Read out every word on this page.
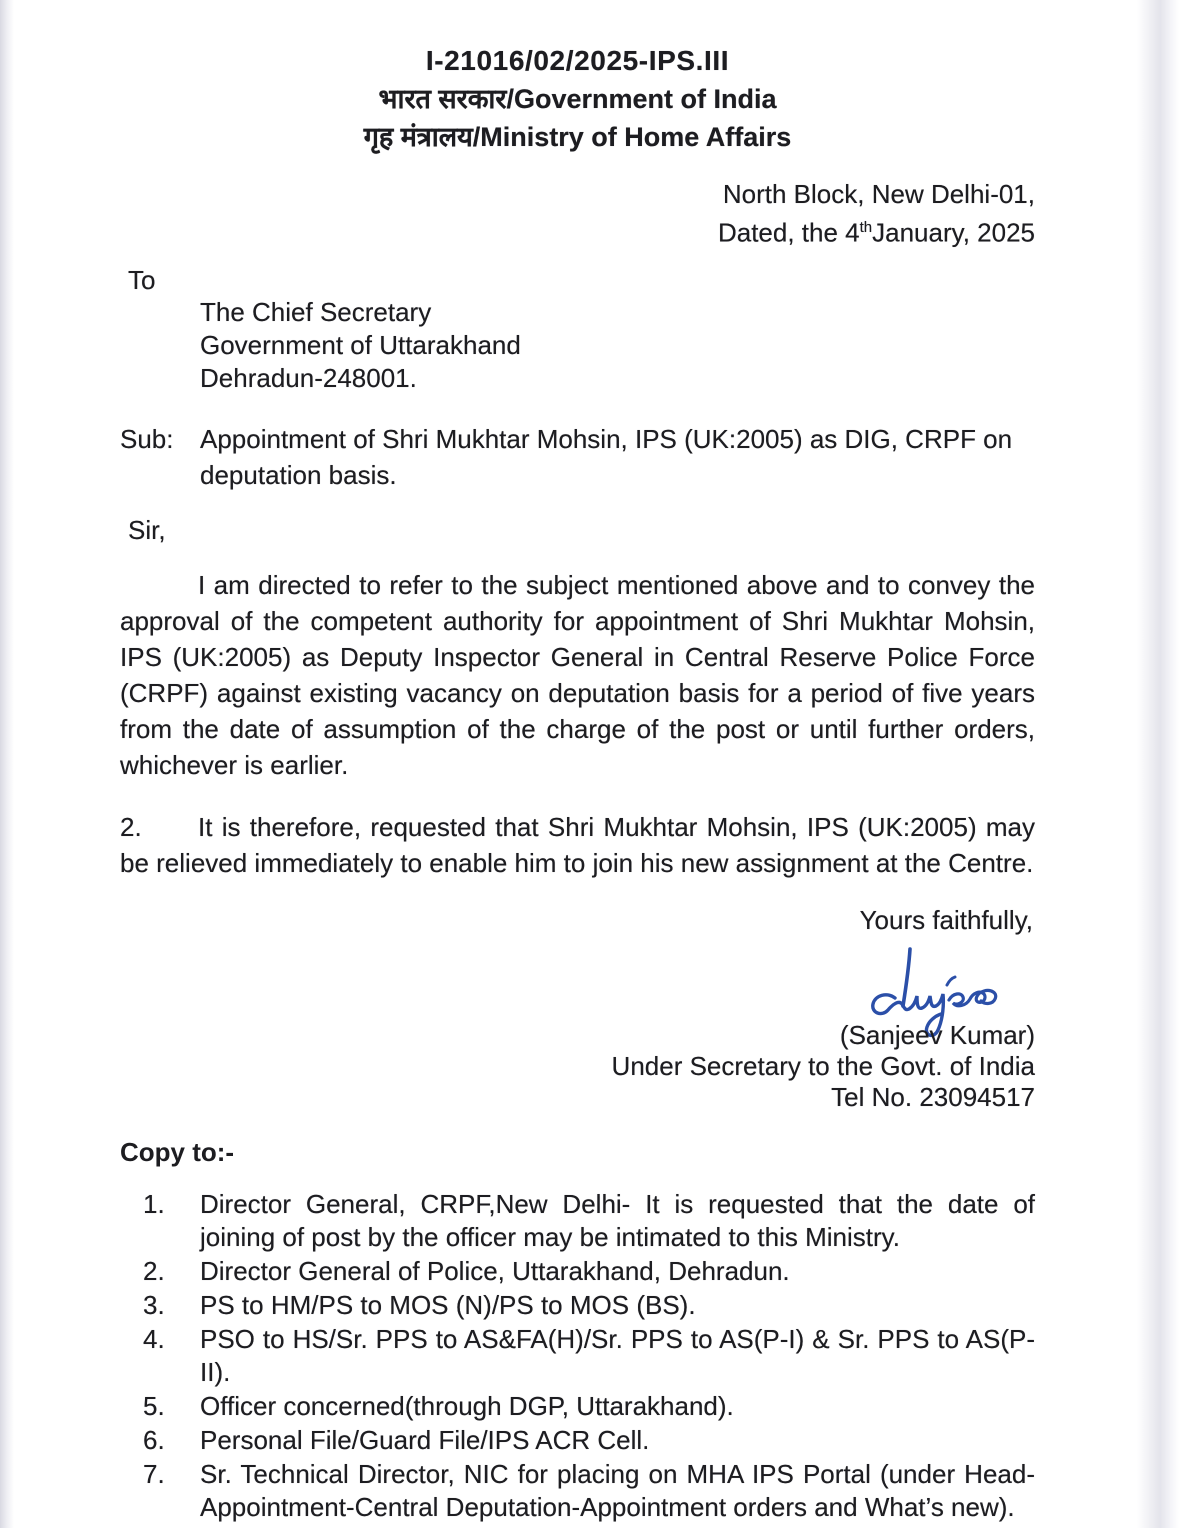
I-21016/02/2025-IPS.III
भारत सरकार/Government of India
गृह मंत्रालय/Ministry of Home Affairs
North Block, New Delhi-01,
Dated, the 4thJanuary, 2025
To
The Chief Secretary
Government of Uttarakhand
Dehradun-248001.
Sub:	Appointment of Shri Mukhtar Mohsin, IPS (UK:2005) as DIG, CRPF on deputation basis.
Sir,

I am directed to refer to the subject mentioned above and to convey the approval of the competent authority for appointment of Shri Mukhtar Mohsin, IPS (UK:2005) as Deputy Inspector General in Central Reserve Police Force (CRPF) against existing vacancy on deputation basis for a period of five years from the date of assumption of the charge of the post or until further orders, whichever is earlier.

2. It is therefore, requested that Shri Mukhtar Mohsin, IPS (UK:2005) may be relieved immediately to enable him to join his new assignment at the Centre.

Yours faithfully,
(Sanjeev Kumar)
Under Secretary to the Govt. of India
Tel No. 23094517
Copy to:-
1.	Director General, CRPF,New Delhi- It is requested that the date of joining of post by the officer may be intimated to this Ministry.
2.	Director General of Police, Uttarakhand, Dehradun.
3.	PS to HM/PS to MOS (N)/PS to MOS (BS).
4.	PSO to HS/Sr. PPS to AS&FA(H)/Sr. PPS to AS(P-I) & Sr. PPS to AS(P-II).
5.	Officer concerned(through DGP, Uttarakhand).
6.	Personal File/Guard File/IPS ACR Cell.
7.	Sr. Technical Director, NIC for placing on MHA IPS Portal (under Head- Appointment-Central Deputation-Appointment orders and What’s new).
